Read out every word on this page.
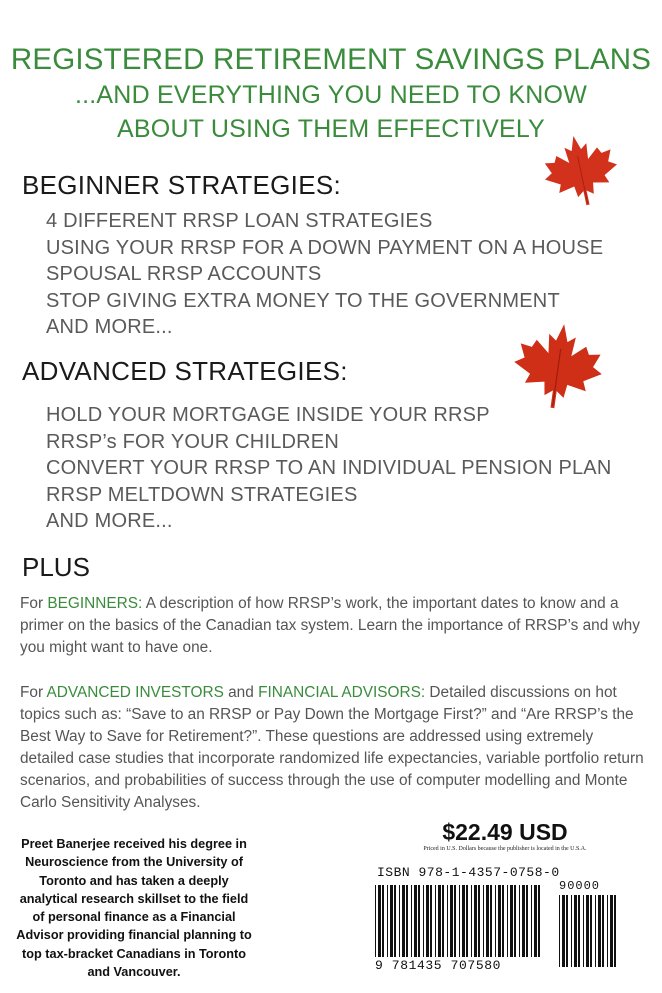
REGISTERED RETIREMENT SAVINGS PLANS
...AND EVERYTHING YOU NEED TO KNOW
ABOUT USING THEM EFFECTIVELY
BEGINNER STRATEGIES:
4 DIFFERENT RRSP LOAN STRATEGIES
USING YOUR RRSP FOR A DOWN PAYMENT ON A HOUSE
SPOUSAL RRSP ACCOUNTS
STOP GIVING EXTRA MONEY TO THE GOVERNMENT
AND MORE...
ADVANCED STRATEGIES:
HOLD YOUR MORTGAGE INSIDE YOUR RRSP
RRSP’s FOR YOUR CHILDREN
CONVERT YOUR RRSP TO AN INDIVIDUAL PENSION PLAN
RRSP MELTDOWN STRATEGIES
AND MORE...
PLUS
For BEGINNERS: A description of how RRSP’s work, the important dates to know and a primer on the basics of the Canadian tax system. Learn the importance of RRSP’s and why you might want to have one.
For ADVANCED INVESTORS and FINANCIAL ADVISORS: Detailed discussions on hot topics such as: “Save to an RRSP or Pay Down the Mortgage First?” and “Are RRSP’s the Best Way to Save for Retirement?”. These questions are addressed using extremely detailed case studies that incorporate randomized life expectancies, variable portfolio return scenarios, and probabilities of success through the use of computer modelling and Monte Carlo Sensitivity Analyses.
Preet Banerjee received his degree in Neuroscience from the University of Toronto and has taken a deeply analytical research skillset to the field of personal finance as a Financial Advisor providing financial planning to top tax-bracket Canadians in Toronto and Vancouver.
$22.49 USD
Priced in U.S. Dollars because the publisher is located in the U.S.A.
ISBN 978-1-4357-0758-0
90000
9 781435 707580
